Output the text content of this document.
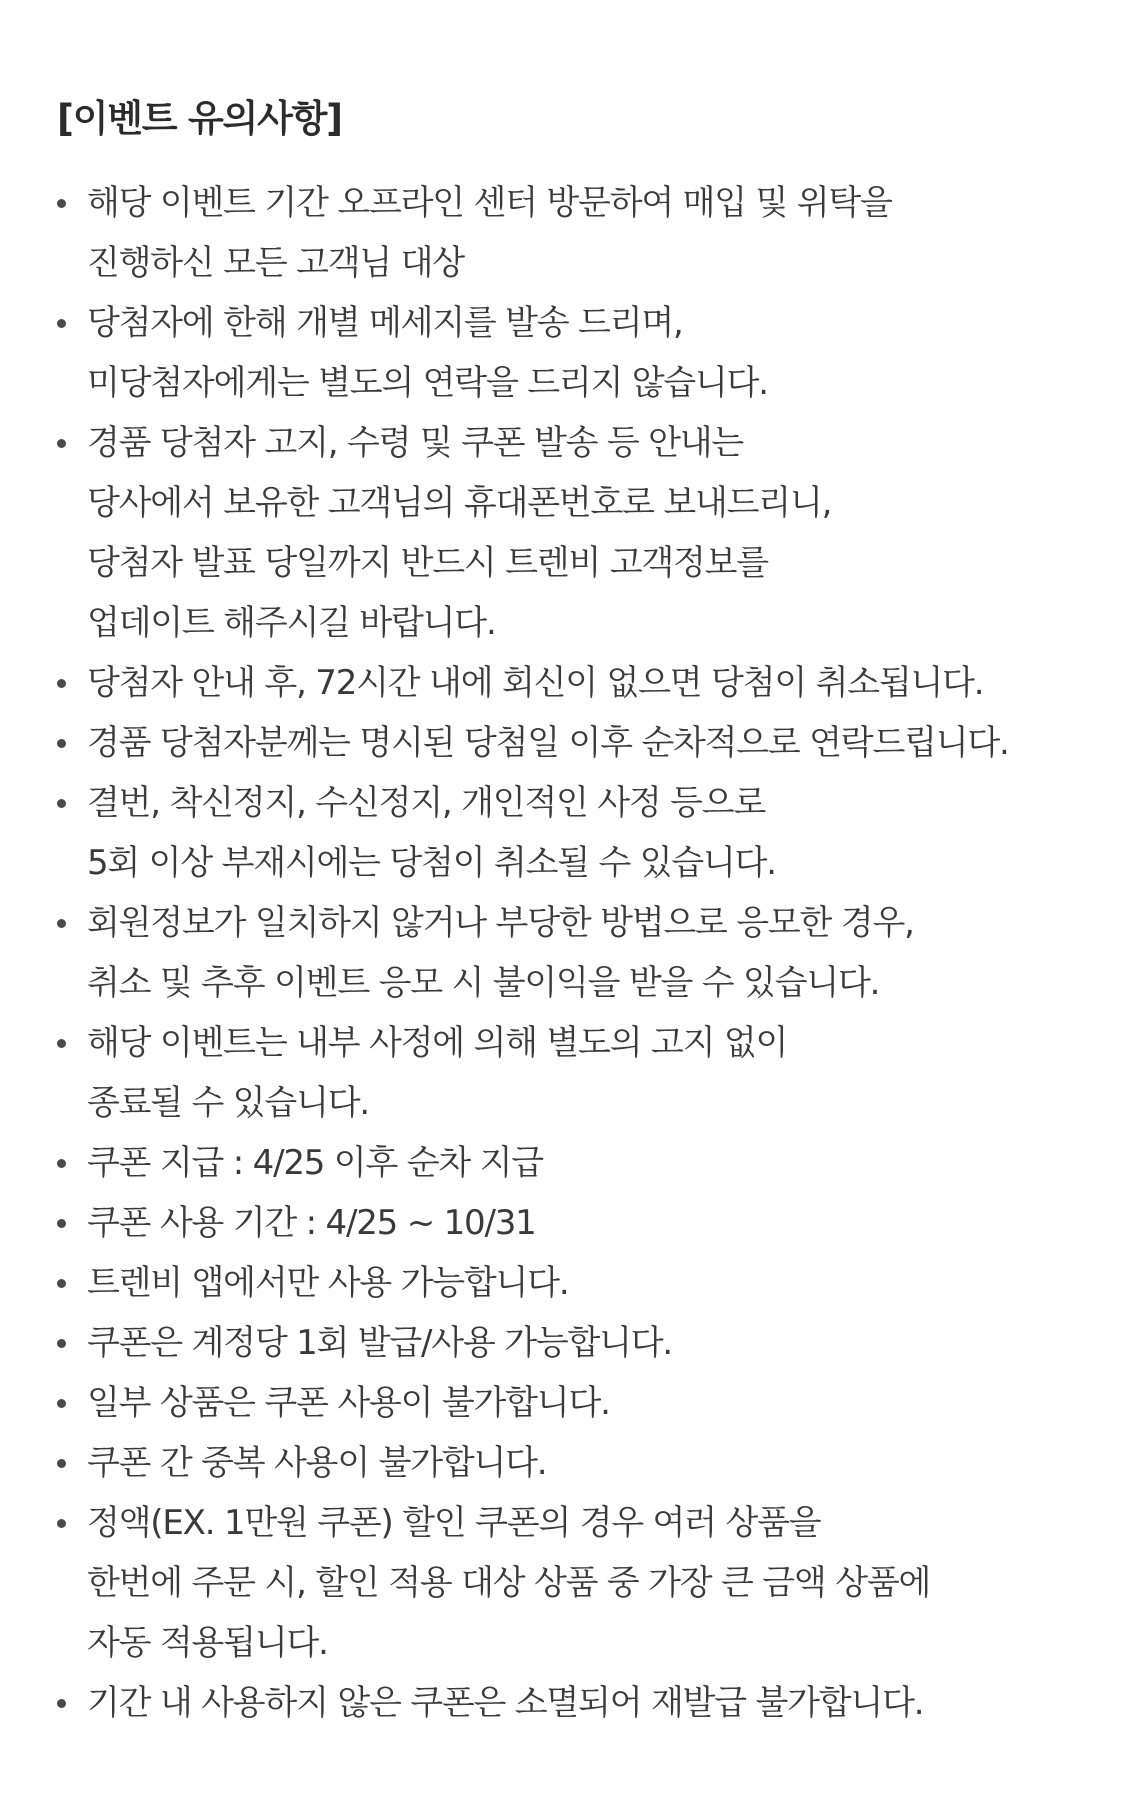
[이벤트 유의사항]
해당 이벤트 기간 오프라인 센터 방문하여 매입 및 위탁을
진행하신 모든 고객님 대상
당첨자에 한해 개별 메세지를 발송 드리며,
미당첨자에게는 별도의 연락을 드리지 않습니다.
경품 당첨자 고지, 수령 및 쿠폰 발송 등 안내는
당사에서 보유한 고객님의 휴대폰번호로 보내드리니,
당첨자 발표 당일까지 반드시 트렌비 고객정보를
업데이트 해주시길 바랍니다.
당첨자 안내 후, 72시간 내에 회신이 없으면 당첨이 취소됩니다.
경품 당첨자분께는 명시된 당첨일 이후 순차적으로 연락드립니다.
결번, 착신정지, 수신정지, 개인적인 사정 등으로
5회 이상 부재시에는 당첨이 취소될 수 있습니다.
회원정보가 일치하지 않거나 부당한 방법으로 응모한 경우,
취소 및 추후 이벤트 응모 시 불이익을 받을 수 있습니다.
해당 이벤트는 내부 사정에 의해 별도의 고지 없이
종료될 수 있습니다.
쿠폰 지급 : 4/25 이후 순차 지급
쿠폰 사용 기간 : 4/25 ~ 10/31
트렌비 앱에서만 사용 가능합니다.
쿠폰은 계정당 1회 발급/사용 가능합니다.
일부 상품은 쿠폰 사용이 불가합니다.
쿠폰 간 중복 사용이 불가합니다.
정액(EX. 1만원 쿠폰) 할인 쿠폰의 경우 여러 상품을
한번에 주문 시, 할인 적용 대상 상품 중 가장 큰 금액 상품에
자동 적용됩니다.
기간 내 사용하지 않은 쿠폰은 소멸되어 재발급 불가합니다.
